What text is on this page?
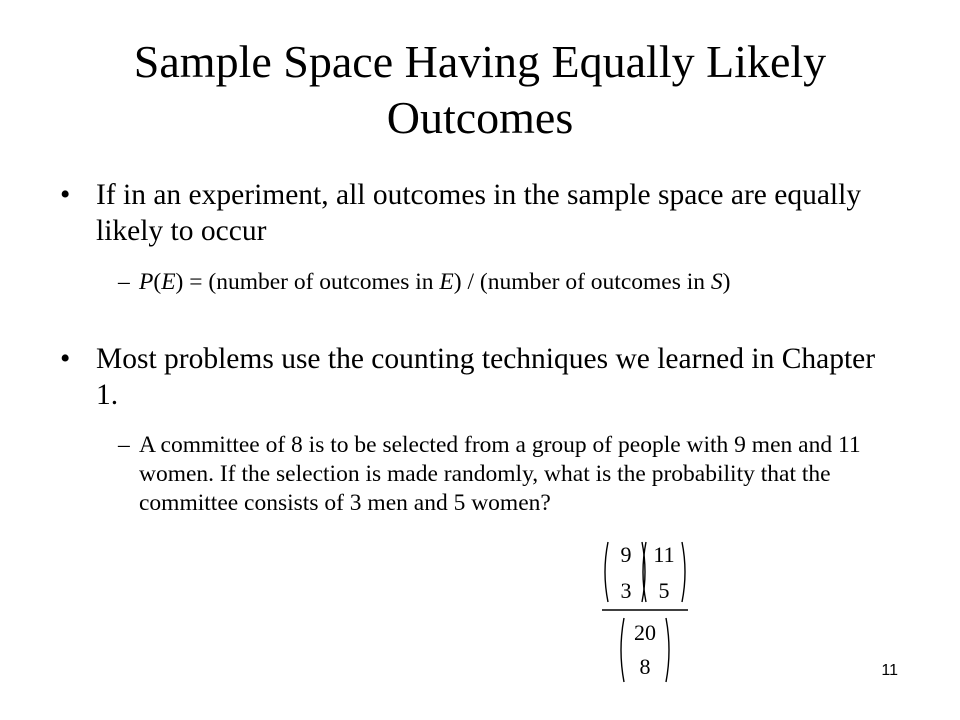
Sample Space Having Equally Likely Outcomes
• If in an experiment, all outcomes in the sample space are equally likely to occur
– P(E) = (number of outcomes in E) / (number of outcomes in S)
• Most problems use the counting techniques we learned in Chapter 1.
– A committee of 8 is to be selected from a group of people with 9 men and 11 women. If the selection is made randomly, what is the probability that the committee consists of 3 men and 5 women?
9
3
11
5
20
8	11
